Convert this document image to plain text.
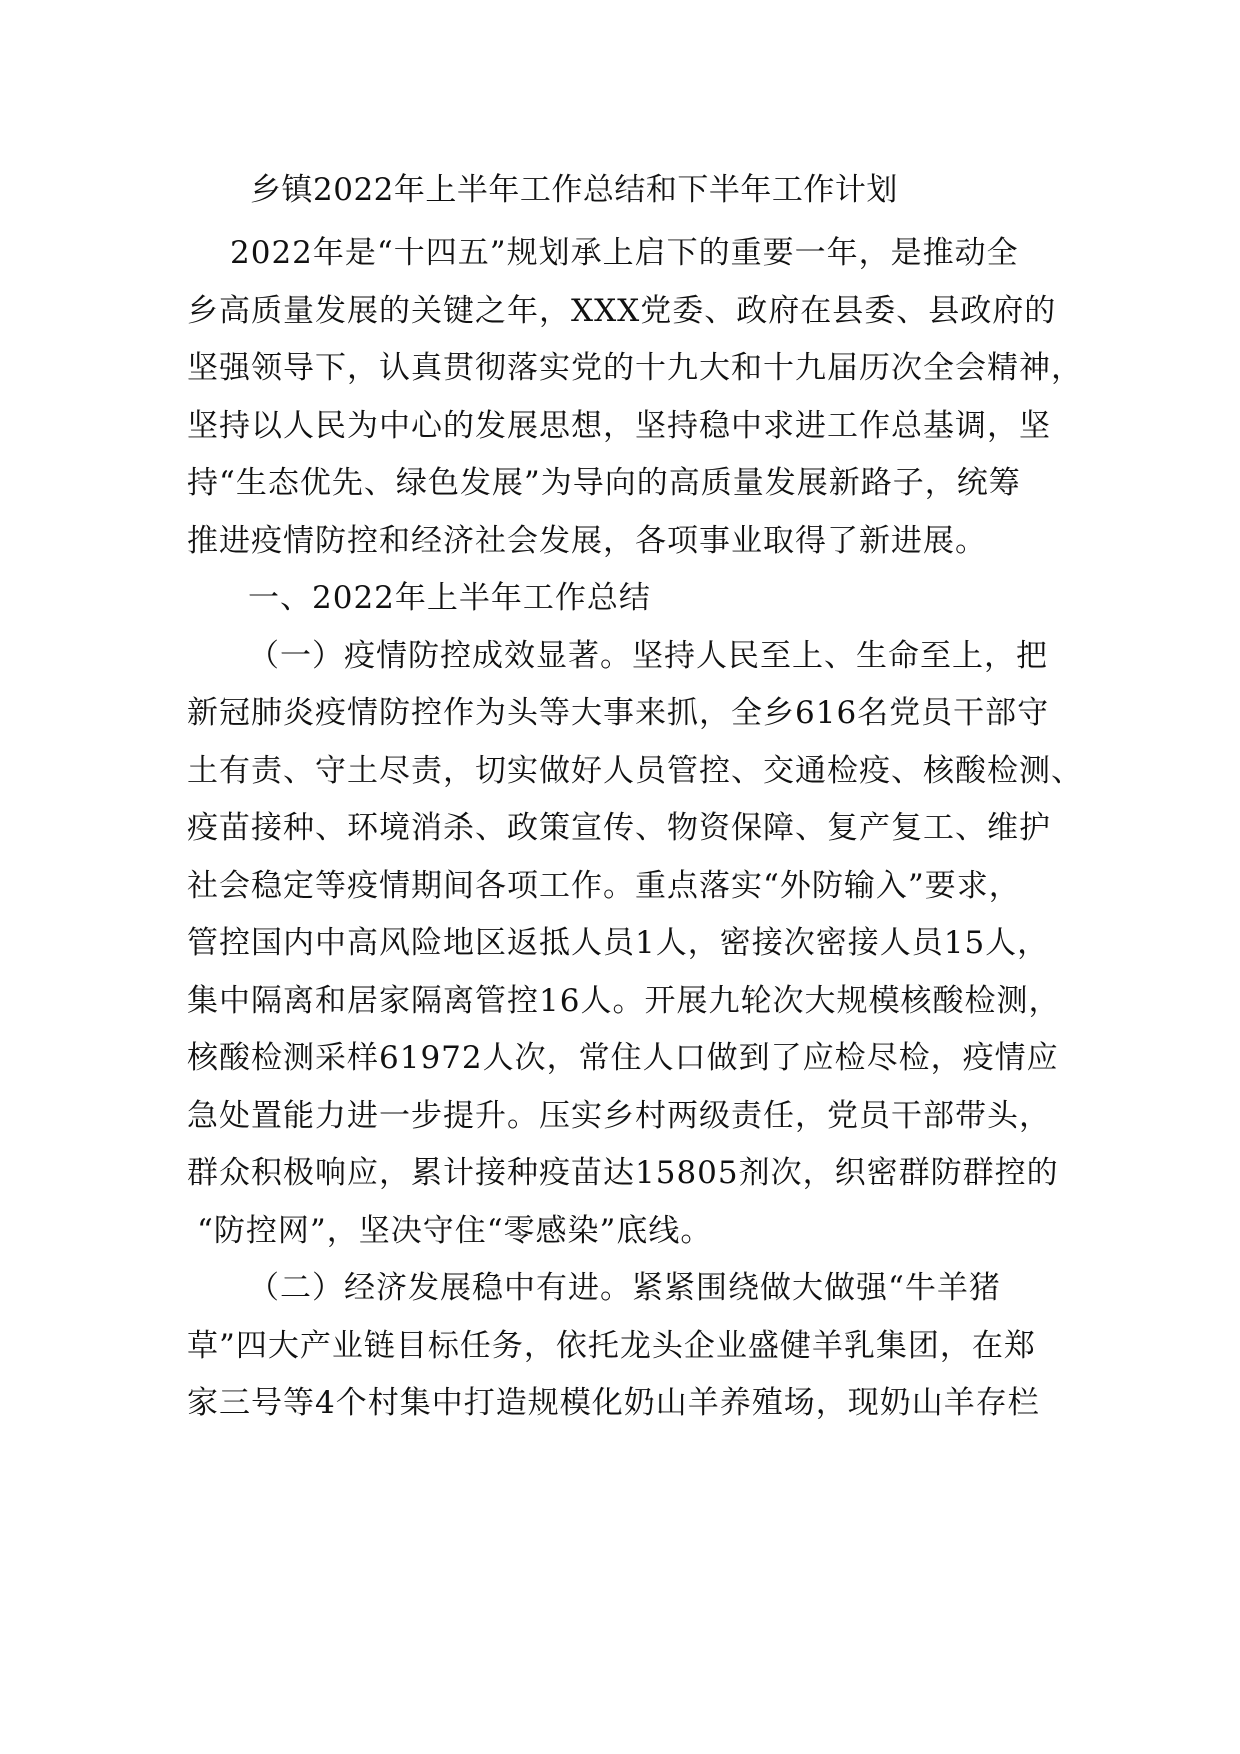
乡镇2022年上半年工作总结和下半年工作计划
2022年是“十四五”规划承上启下的重要一年，是推动全
乡高质量发展的关键之年，XXX党委、政府在县委、县政府的
坚强领导下，认真贯彻落实党的十九大和十九届历次全会精神，
坚持以人民为中心的发展思想，坚持稳中求进工作总基调，坚
持“生态优先、绿色发展”为导向的高质量发展新路子，统筹
推进疫情防控和经济社会发展，各项事业取得了新进展。
一、2022年上半年工作总结
（一）疫情防控成效显著。坚持人民至上、生命至上，把
新冠肺炎疫情防控作为头等大事来抓，全乡616名党员干部守
土有责、守土尽责，切实做好人员管控、交通检疫、核酸检测、
疫苗接种、环境消杀、政策宣传、物资保障、复产复工、维护
社会稳定等疫情期间各项工作。重点落实“外防输入”要求，
管控国内中高风险地区返抵人员1人，密接次密接人员15人，
集中隔离和居家隔离管控16人。开展九轮次大规模核酸检测，
核酸检测采样61972人次，常住人口做到了应检尽检，疫情应
急处置能力进一步提升。压实乡村两级责任，党员干部带头，
群众积极响应，累计接种疫苗达15805剂次，织密群防群控的
“防控网”，坚决守住“零感染”底线。
（二）经济发展稳中有进。紧紧围绕做大做强“牛羊猪
草”四大产业链目标任务，依托龙头企业盛健羊乳集团，在郑
家三号等4个村集中打造规模化奶山羊养殖场，现奶山羊存栏
